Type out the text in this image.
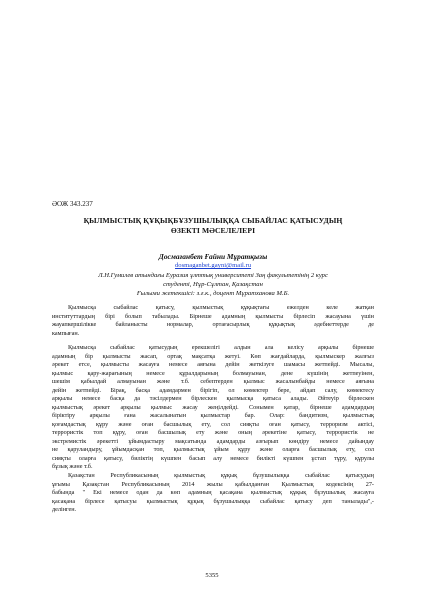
ӘОЖ 343.237
ҚЫЛМЫСТЫҚ ҚҰҚЫҚБҰЗУШЫЛЫҚҚА СЫБАЙЛАС ҚАТЫСУДЫҢ
ӨЗЕКТІ МӘСЕЛЕЛЕРІ
Досмағанбет Ғайни Мұратқызы
dosmaganbet.gayni@mail.ru
Л.Н.Гумилев атындағы Еуразия ұлттық университеті Заң факультетінің 2 курс
студенті, Нұр-Сұлтан, Қазақстан
Ғылыми жетекшісі: з.ғ.к., доцент Мұратханова М.Б.
Қылмысқа сыбайлас қатысу, қылмыстық құқықтағы ежелден келе жатқан
институттардың бірі болып табылады. Бірнеше адамның қылмысты бірлесіп жасауына үшін
жауапкершілікке байланысты нормалар, ортағасырлық құқықтық әдебиеттерде де
кампыған.
Қылмысқа сыбайлас қатысудың ерекшелігі алдын ала келісу арқылы бірнеше
адамның бір қылмысты жасап, ортақ мақсатқа жетуі. Көп жағдайларда, қылмыскер жалғыз
әрекет етсе, қылмысты жасауға немесе аяғына дейін жеткізуге шамасы жетпейді. Мысалы,
қылмыс қару-жарағының немесе құралдарының болмауынан, дене күшінің жетпеуінен,
шешім қабылдай алмауынан және т.б. себептерден қылмыс жасалынбайды немесе аяғына
дейін жетпейді. Бірақ, басқа адамдармен бірігіп, ол көмектер бере, айдап салу, көмектесу
арқылы немесе басқа да тәсілдермен бірлескен қылмысқа қатыса алады. Әйтеуір бірлескен
қылмыстық әрекет арқылы қылмыс жасау жеңілдейді. Сонымен қатар, бірнеше адамдардың
біріктіру арқылы ғана жасалынатын қылмыстар бар. Олар: бандитизм, қылмыстық
қоғамдастық құру және оған басшылық ету, сол сияқты оған қатысу, терроризм актісі,
террористік топ құру, оған басшылық ету және оның әрекетіне қатысу, террористік не
экстремистік әрекетті ұйымдастыру мақсатында адамдарды азғырып көндіру немесе дайындау
не қаруландыру, ұйымдасқан топ, қылмыстық ұйым құру және оларға басшылық ету, сол
сияқты оларға қатысу, биліктің күшпен басып алу немесе билікті күшпен ұстап тұру, құрулы
бұзық және т.б.
Қазақстан Республикасының қылмыстық құқық бұзушылыққа сыбайлас қатысудың
ұғымы Қазақстан Республикасының 2014 жылы қабылданған Қылмыстық кодексінің 27-
бабында " Екі немесе одан да көп адамның қасақана қылмыстық құқық бұзушылық жасауға
қасақана бірлесе қатысуы қылмыстық құқық бұзушылыққа сыбайлас қатысу деп танылады",-
делінген.
5355
